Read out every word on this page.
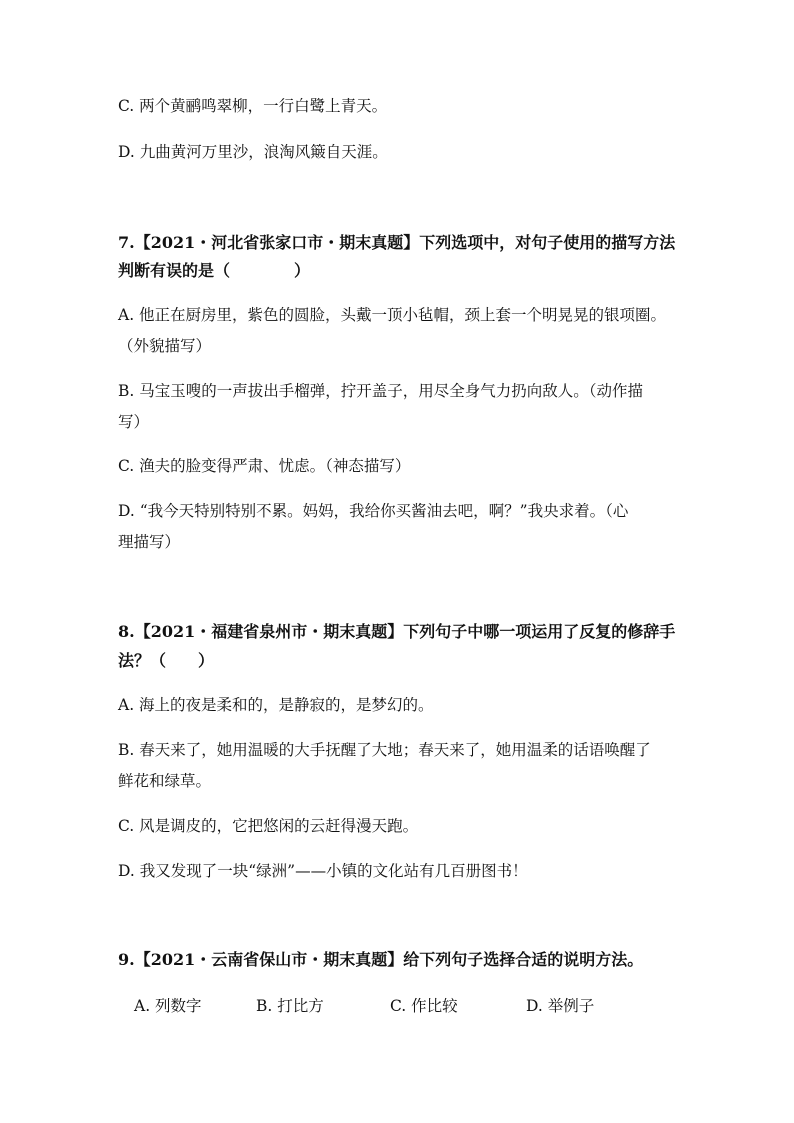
C. 两个黄鹂鸣翠柳，一行白鹭上青天。
D. 九曲黄河万里沙，浪淘风簸自天涯。
7.【2021・河北省张家口市・期末真题】下列选项中，对句子使用的描写方法
判断有误的是（　　　　）
A. 他正在厨房里，紫色的圆脸，头戴一顶小毡帽，颈上套一个明晃晃的银项圈。
（外貌描写）
B. 马宝玉嗖的一声拔出手榴弹，拧开盖子，用尽全身气力扔向敌人。（动作描
写）
C. 渔夫的脸变得严肃、忧虑。（神态描写）
D. “我今天特别特别不累。妈妈，我给你买酱油去吧，啊？”我央求着。（心
理描写）
8.【2021・福建省泉州市・期末真题】下列句子中哪一项运用了反复的修辞手
法？（　　）
A. 海上的夜是柔和的，是静寂的，是梦幻的。
B. 春天来了，她用温暖的大手抚醒了大地；春天来了，她用温柔的话语唤醒了
鲜花和绿草。
C. 风是调皮的，它把悠闲的云赶得漫天跑。
D. 我又发现了一块“绿洲”——小镇的文化站有几百册图书！
9.【2021・云南省保山市・期末真题】给下列句子选择合适的说明方法。
A. 列数字	B. 打比方	C. 作比较	D. 举例子
